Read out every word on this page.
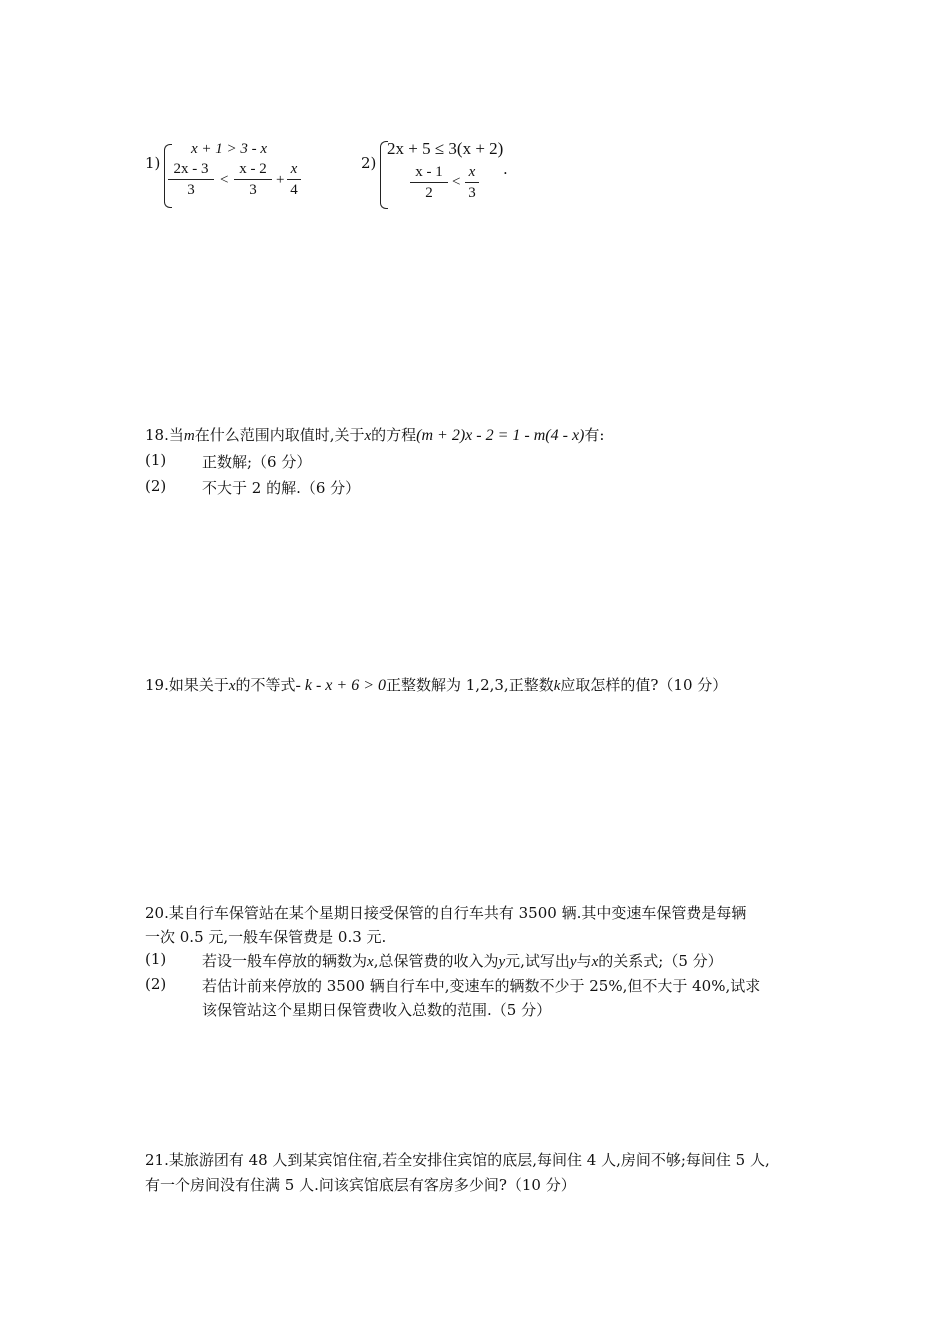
1)
x + 1 > 3 - x
2x - 3
3
<
x - 2
3
+
x
4
2)
2x + 5 ≤ 3(x + 2)
x - 1
2
<
x
3
.
18.当m在什么范围内取值时,关于x的方程(m + 2)x - 2 = 1 - m(4 - x)有:
(1) 正数解;（6 分）
(2) 不大于 2 的解.（6 分）
19.如果关于x的不等式- k - x + 6 > 0正整数解为 1,2,3,正整数k应取怎样的值?（10 分）
20.某自行车保管站在某个星期日接受保管的自行车共有 3500 辆.其中变速车保管费是每辆
一次 0.5 元,一般车保管费是 0.3 元.
(1) 若设一般车停放的辆数为x,总保管费的收入为y元,试写出y与x的关系式;（5 分）
(2) 若估计前来停放的 3500 辆自行车中,变速车的辆数不少于 25%,但不大于 40%,试求
该保管站这个星期日保管费收入总数的范围.（5 分）
21.某旅游团有 48 人到某宾馆住宿,若全安排住宾馆的底层,每间住 4 人,房间不够;每间住 5 人,
有一个房间没有住满 5 人.问该宾馆底层有客房多少间?（10 分）
